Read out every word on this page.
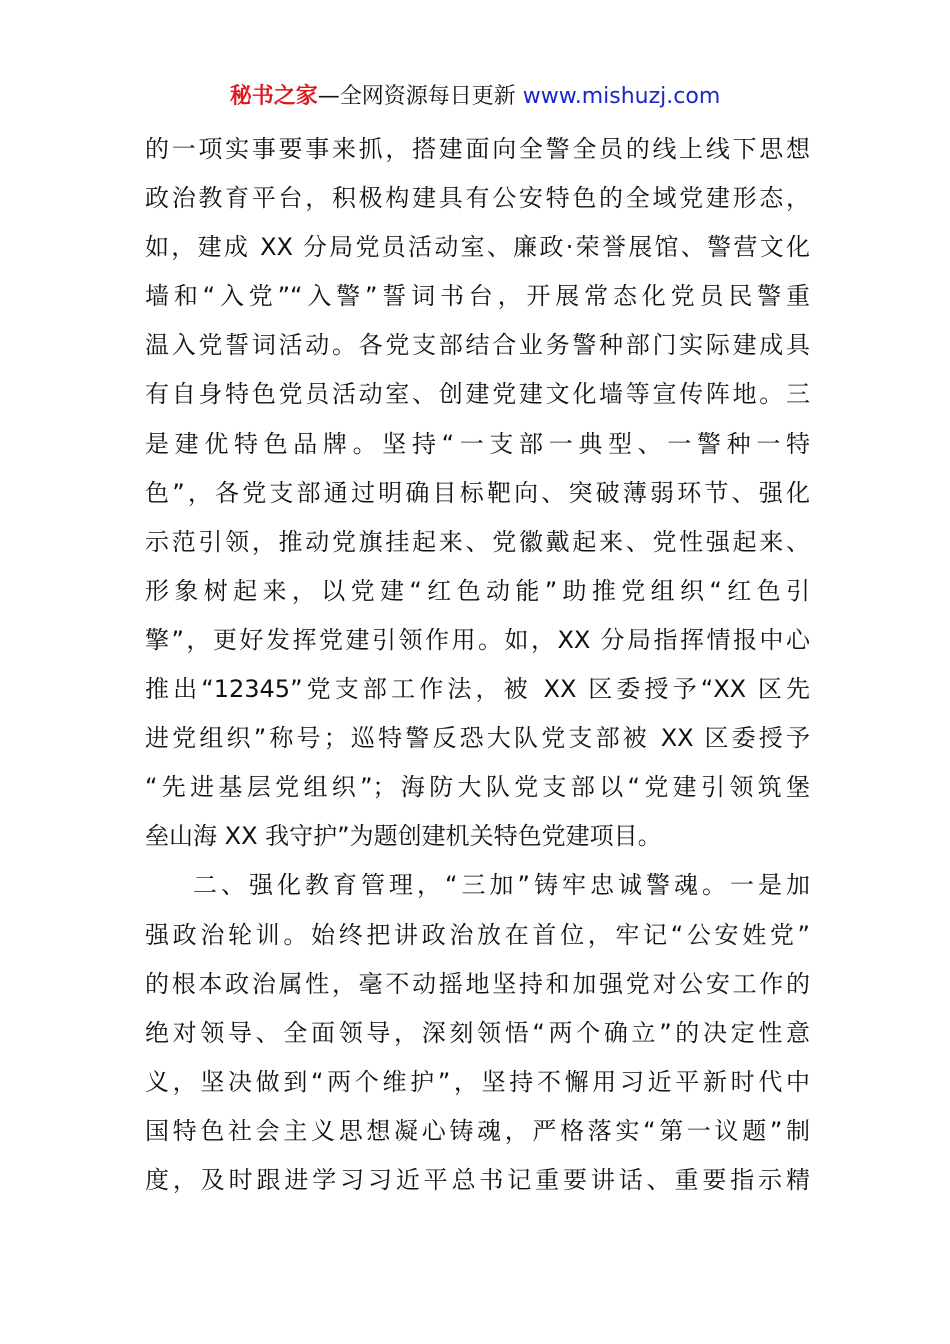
秘书之家—全网资源每日更新 www.mishuzj.com
的一项实事要事来抓，搭建面向全警全员的线上线下思想
政治教育平台，积极构建具有公安特色的全域党建形态，
如，建成 XX 分局党员活动室、廉政·荣誉展馆、警营文化
墙和“入党”“入警”誓词书台，开展常态化党员民警重
温入党誓词活动。各党支部结合业务警种部门实际建成具
有自身特色党员活动室、创建党建文化墙等宣传阵地。三
是建优特色品牌。坚持“一支部一典型、一警种一特
色”，各党支部通过明确目标靶向、突破薄弱环节、强化
示范引领，推动党旗挂起来、党徽戴起来、党性强起来、
形象树起来，以党建“红色动能”助推党组织“红色引
擎”，更好发挥党建引领作用。如，XX 分局指挥情报中心
推出“12345”党支部工作法，被 XX 区委授予“XX 区先
进党组织”称号；巡特警反恐大队党支部被 XX 区委授予
“先进基层党组织”；海防大队党支部以“党建引领筑堡
垒山海 XX 我守护”为题创建机关特色党建项目。
二、强化教育管理，“三加”铸牢忠诚警魂。一是加
强政治轮训。始终把讲政治放在首位，牢记“公安姓党”
的根本政治属性，毫不动摇地坚持和加强党对公安工作的
绝对领导、全面领导，深刻领悟“两个确立”的决定性意
义，坚决做到“两个维护”，坚持不懈用习近平新时代中
国特色社会主义思想凝心铸魂，严格落实“第一议题”制
度，及时跟进学习习近平总书记重要讲话、重要指示精
